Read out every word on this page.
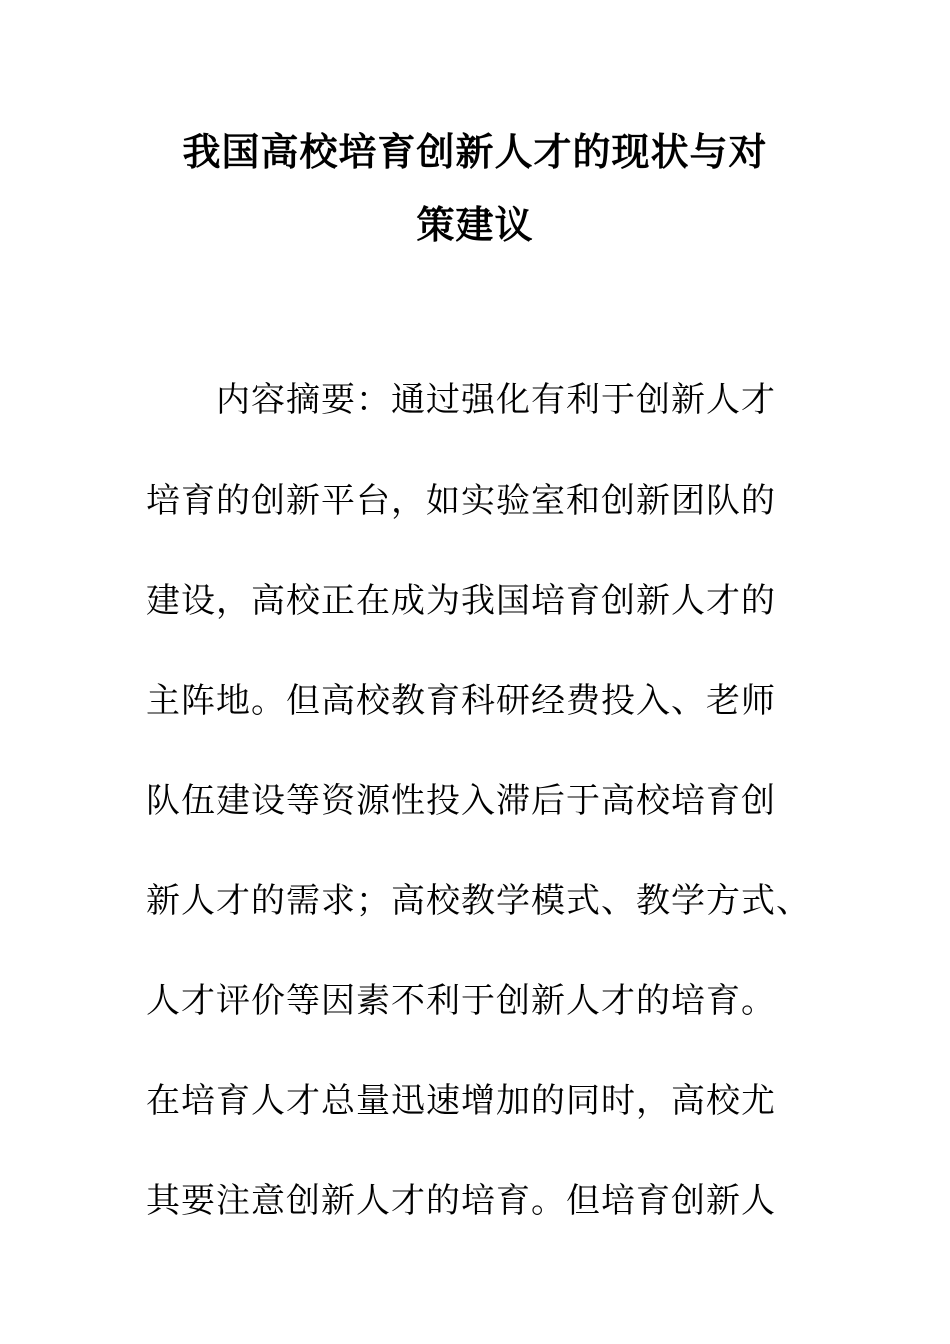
我国高校培育创新人才的现状与对
策建议
内容摘要：通过强化有利于创新人才
培育的创新平台，如实验室和创新团队的
建设，高校正在成为我国培育创新人才的
主阵地。但高校教育科研经费投入、老师
队伍建设等资源性投入滞后于高校培育创
新人才的需求；高校教学模式、教学方式、
人才评价等因素不利于创新人才的培育。
在培育人才总量迅速增加的同时，高校尤
其要注意创新人才的培育。但培育创新人
